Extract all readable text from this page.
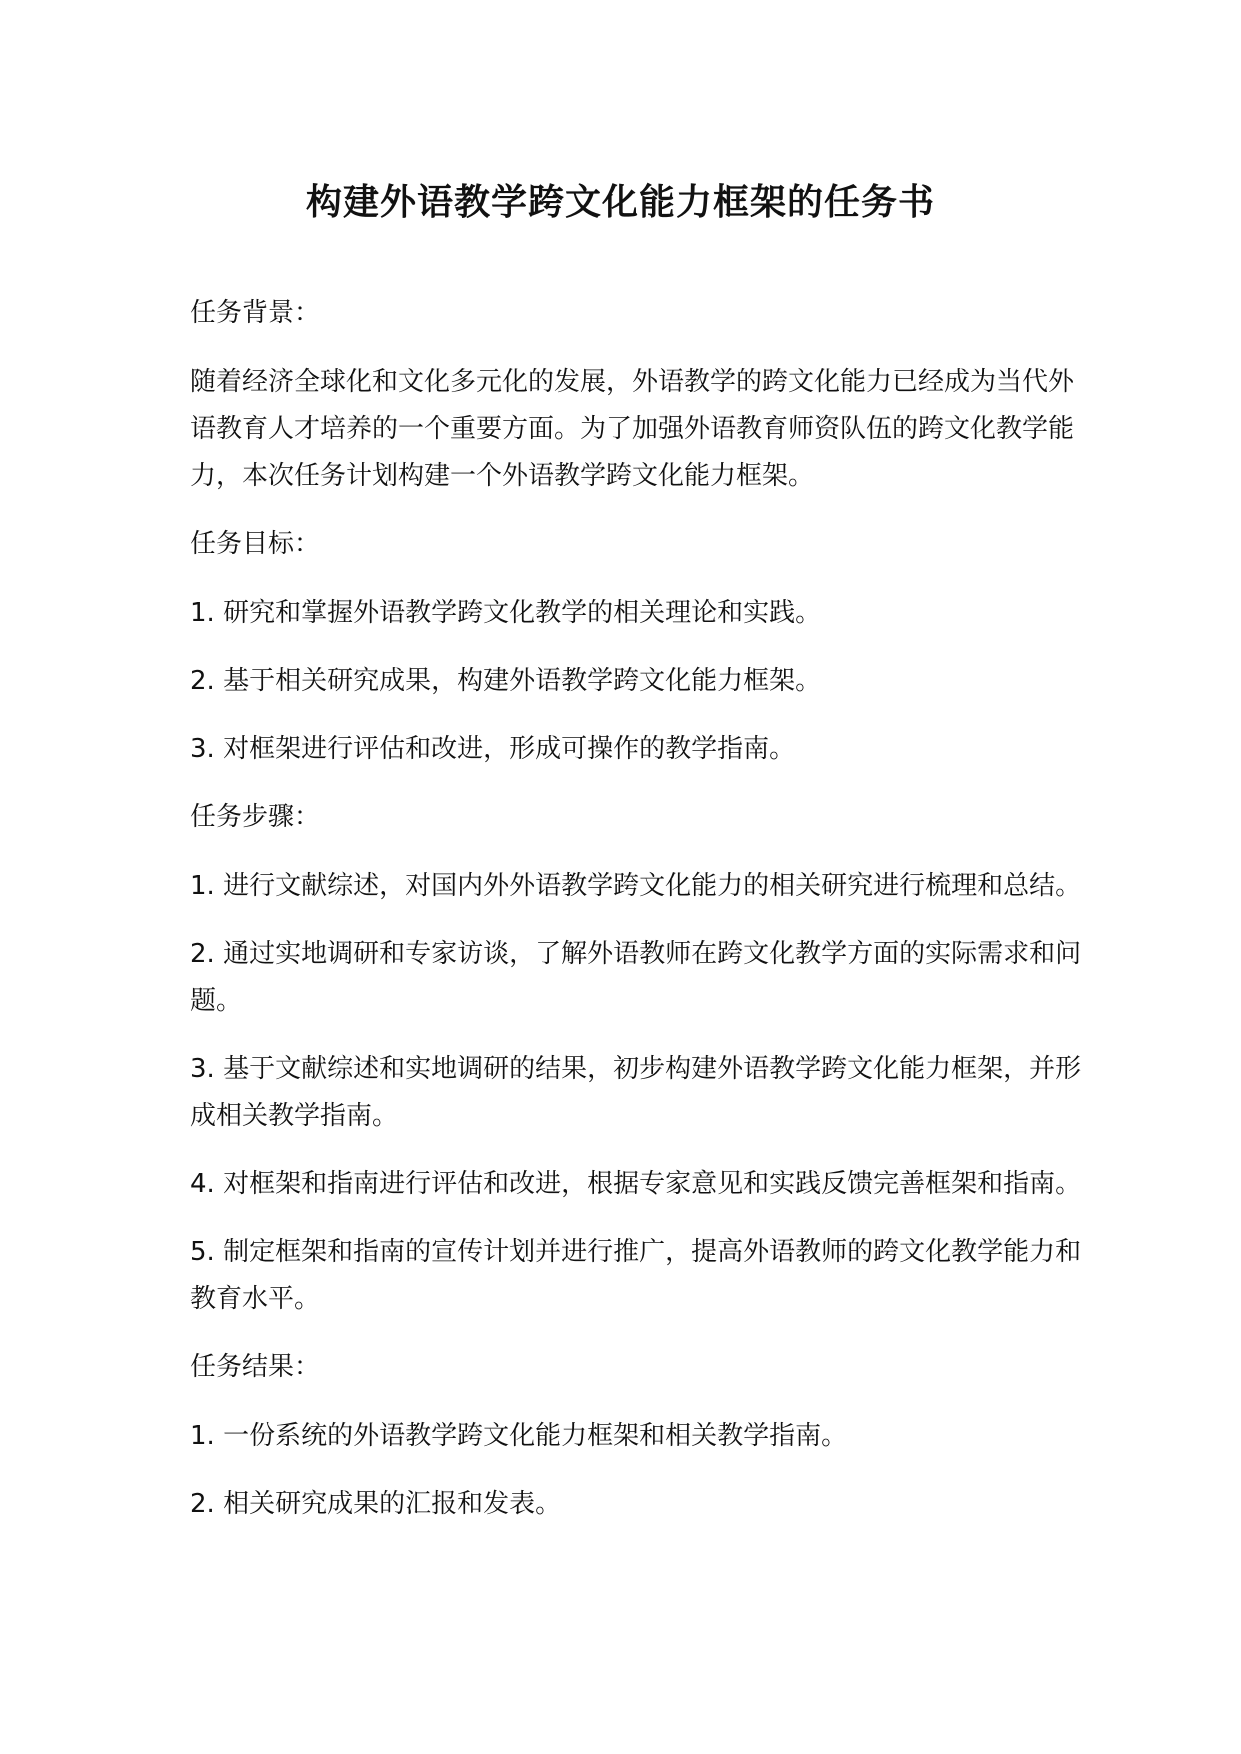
构建外语教学跨文化能力框架的任务书

任务背景：

随着经济全球化和文化多元化的发展，外语教学的跨文化能力已经成为当代外语教育人才培养的一个重要方面。为了加强外语教育师资队伍的跨文化教学能力，本次任务计划构建一个外语教学跨文化能力框架。

任务目标：

1. 研究和掌握外语教学跨文化教学的相关理论和实践。

2. 基于相关研究成果，构建外语教学跨文化能力框架。

3. 对框架进行评估和改进，形成可操作的教学指南。

任务步骤：

1. 进行文献综述，对国内外外语教学跨文化能力的相关研究进行梳理和总结。

2. 通过实地调研和专家访谈，了解外语教师在跨文化教学方面的实际需求和问题。

3. 基于文献综述和实地调研的结果，初步构建外语教学跨文化能力框架，并形成相关教学指南。

4. 对框架和指南进行评估和改进，根据专家意见和实践反馈完善框架和指南。

5. 制定框架和指南的宣传计划并进行推广，提高外语教师的跨文化教学能力和教育水平。

任务结果：

1. 一份系统的外语教学跨文化能力框架和相关教学指南。

2. 相关研究成果的汇报和发表。
